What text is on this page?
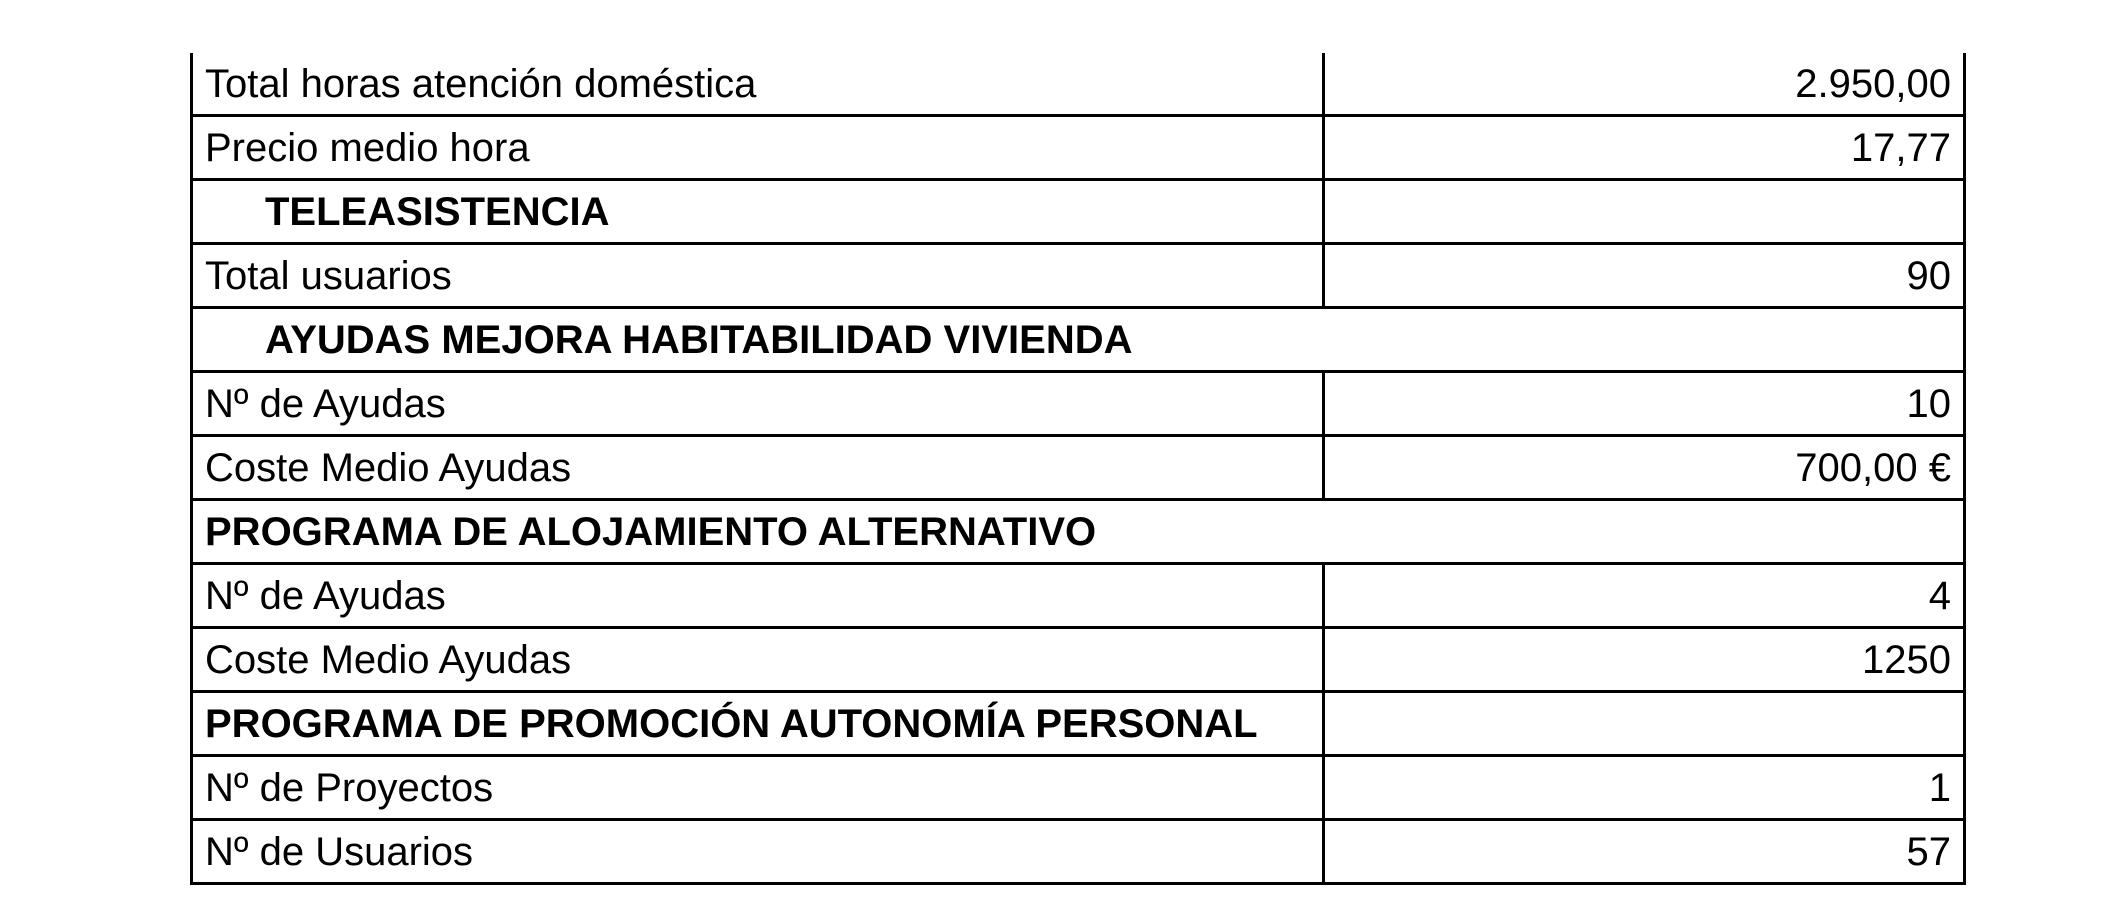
Total horas atención doméstica	2.950,00
Precio medio hora	17,77
TELEASISTENCIA	
Total usuarios	90
AYUDAS MEJORA HABITABILIDAD VIVIENDA	
Nº de Ayudas	10
Coste Medio Ayudas	700,00 €
PROGRAMA DE ALOJAMIENTO ALTERNATIVO	
Nº de Ayudas	4
Coste Medio Ayudas	1250
PROGRAMA DE PROMOCIÓN AUTONOMÍA PERSONAL	
Nº de Proyectos	1
Nº de Usuarios	57
